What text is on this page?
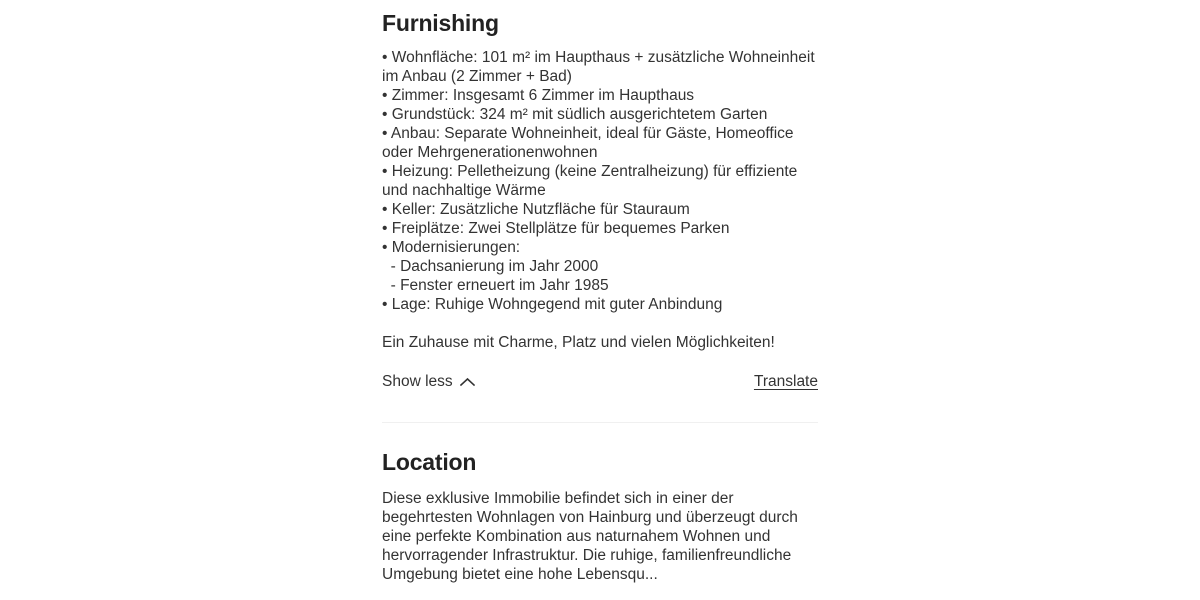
Furnishing
• Wohnfläche: 101 m² im Haupthaus + zusätzliche Wohneinheit im Anbau (2 Zimmer + Bad)
• Zimmer: Insgesamt 6 Zimmer im Haupthaus
• Grundstück: 324 m² mit südlich ausgerichtetem Garten
• Anbau: Separate Wohneinheit, ideal für Gäste, Homeoffice oder Mehrgenerationenwohnen
• Heizung: Pelletheizung (keine Zentralheizung) für effiziente und nachhaltige Wärme
• Keller: Zusätzliche Nutzfläche für Stauraum
• Freiplätze: Zwei Stellplätze für bequemes Parken
• Modernisierungen:
- Dachsanierung im Jahr 2000
- Fenster erneuert im Jahr 1985
• Lage: Ruhige Wohngegend mit guter Anbindung

Ein Zuhause mit Charme, Platz und vielen Möglichkeiten!

Show less	Translate
Location

Diese exklusive Immobilie befindet sich in einer der begehrtesten Wohnlagen von Hainburg und überzeugt durch eine perfekte Kombination aus naturnahem Wohnen und hervorragender Infrastruktur. Die ruhige, familienfreundliche Umgebung bietet eine hohe Lebensqu...
